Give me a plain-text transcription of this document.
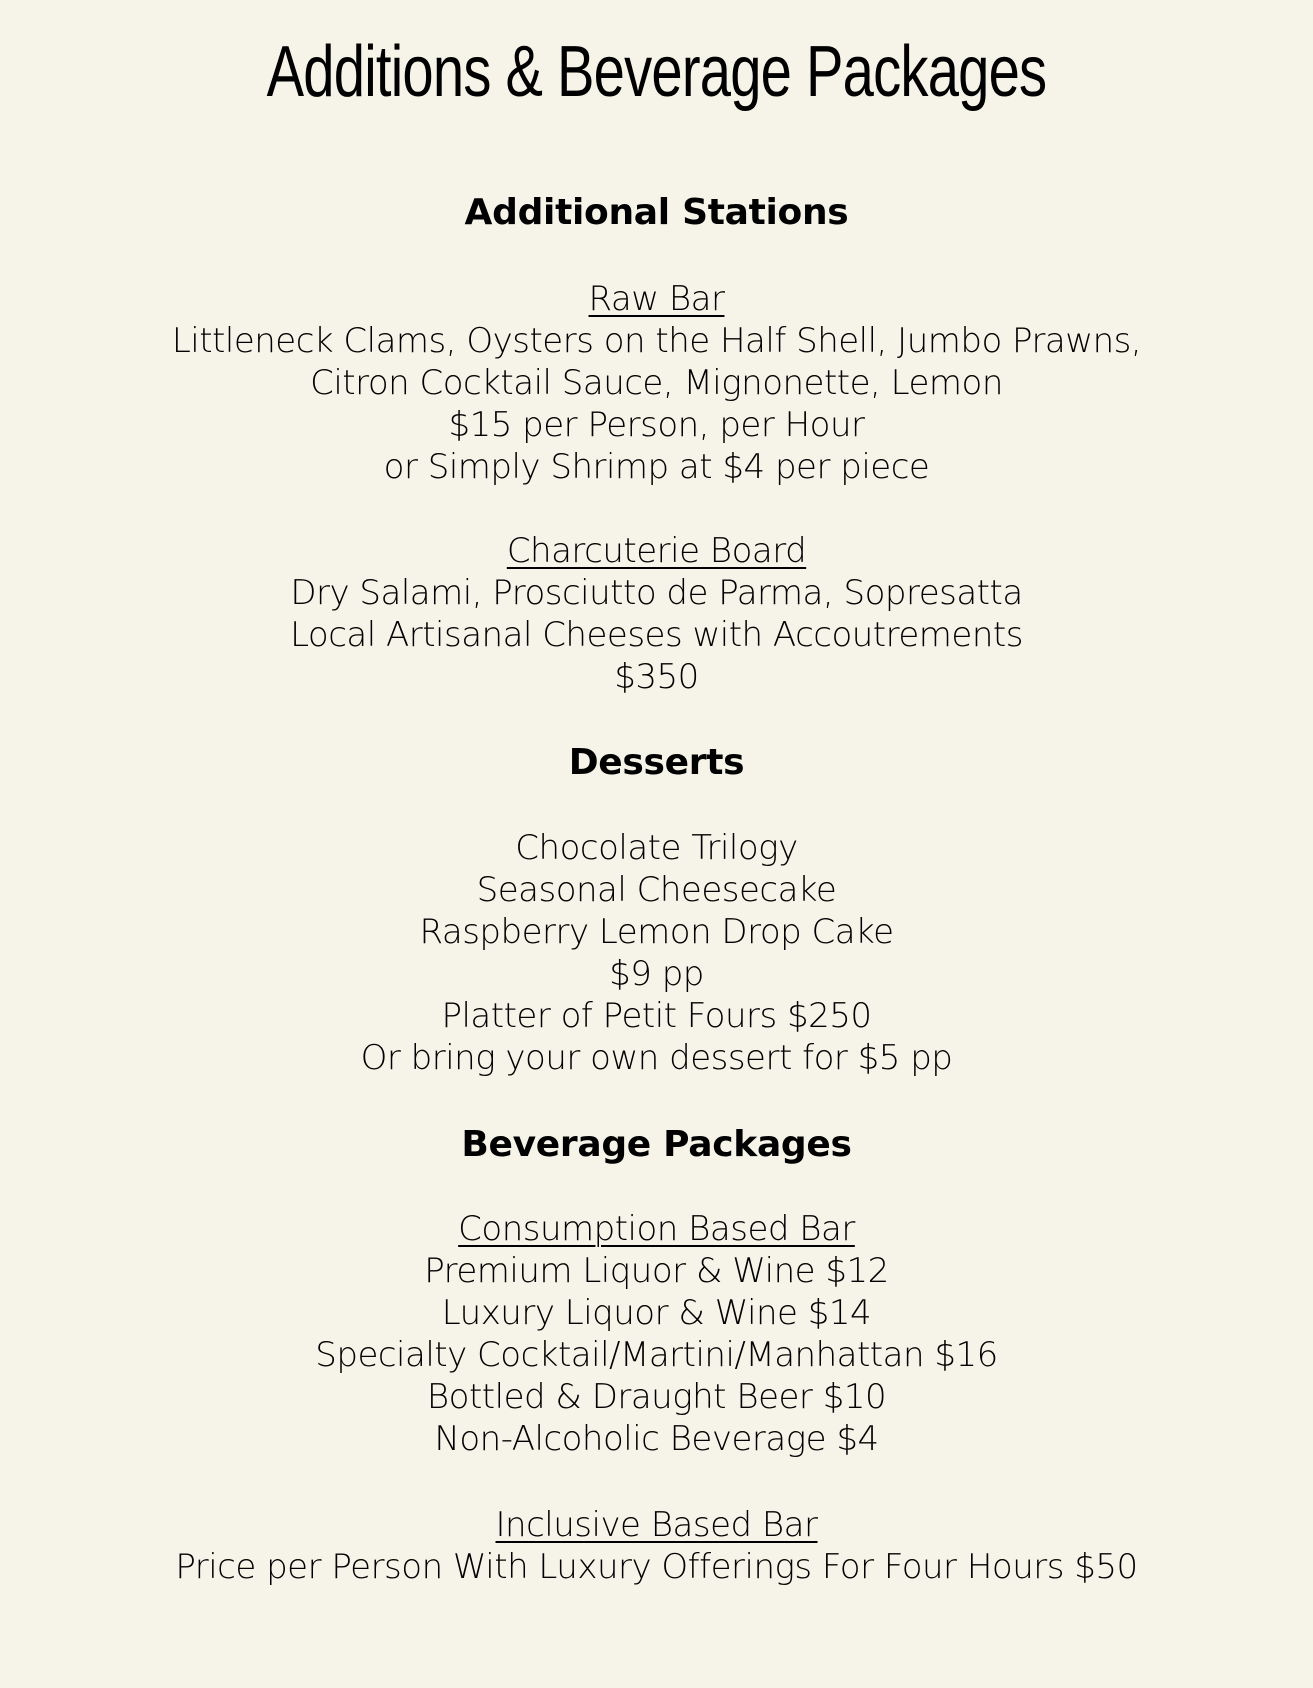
Additions & Beverage Packages
Additional Stations
Raw Bar
Littleneck Clams, Oysters on the Half Shell, Jumbo Prawns,
Citron Cocktail Sauce, Mignonette, Lemon
$15 per Person, per Hour
or Simply Shrimp at $4 per piece
Charcuterie Board
Dry Salami, Prosciutto de Parma, Sopresatta
Local Artisanal Cheeses with Accoutrements
$350
Desserts
Chocolate Trilogy
Seasonal Cheesecake
Raspberry Lemon Drop Cake
$9 pp
Platter of Petit Fours $250
Or bring your own dessert for $5 pp
Beverage Packages
Consumption Based Bar
Premium Liquor & Wine $12
Luxury Liquor & Wine $14
Specialty Cocktail/Martini/Manhattan $16
Bottled & Draught Beer $10
Non-Alcoholic Beverage $4
Inclusive Based Bar
Price per Person With Luxury Offerings For Four Hours $50
